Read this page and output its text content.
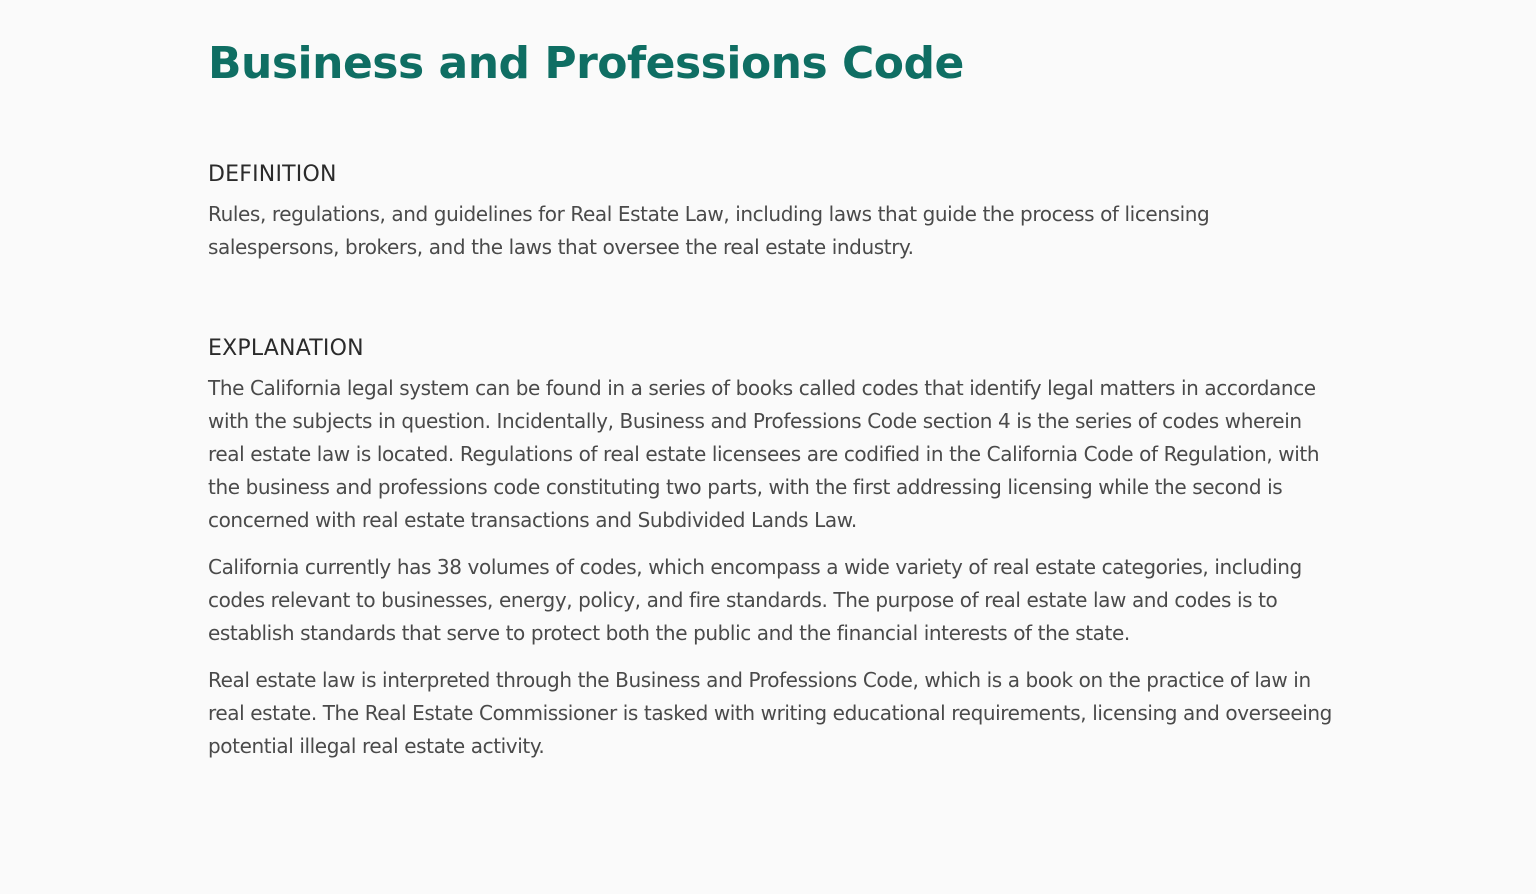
Business and Professions Code
DEFINITION

Rules, regulations, and guidelines for Real Estate Law, including laws that guide the process of licensing salespersons, brokers, and the laws that oversee the real estate industry.

EXPLANATION

The California legal system can be found in a series of books called codes that identify legal matters in accordance with the subjects in question. Incidentally, Business and Professions Code section 4 is the series of codes wherein real estate law is located. Regulations of real estate licensees are codified in the California Code of Regulation, with the business and professions code constituting two parts, with the first addressing licensing while the second is concerned with real estate transactions and Subdivided Lands Law.

California currently has 38 volumes of codes, which encompass a wide variety of real estate categories, including codes relevant to businesses, energy, policy, and fire standards. The purpose of real estate law and codes is to establish standards that serve to protect both the public and the financial interests of the state.

Real estate law is interpreted through the Business and Professions Code, which is a book on the practice of law in real estate. The Real Estate Commissioner is tasked with writing educational requirements, licensing and overseeing potential illegal real estate activity.
